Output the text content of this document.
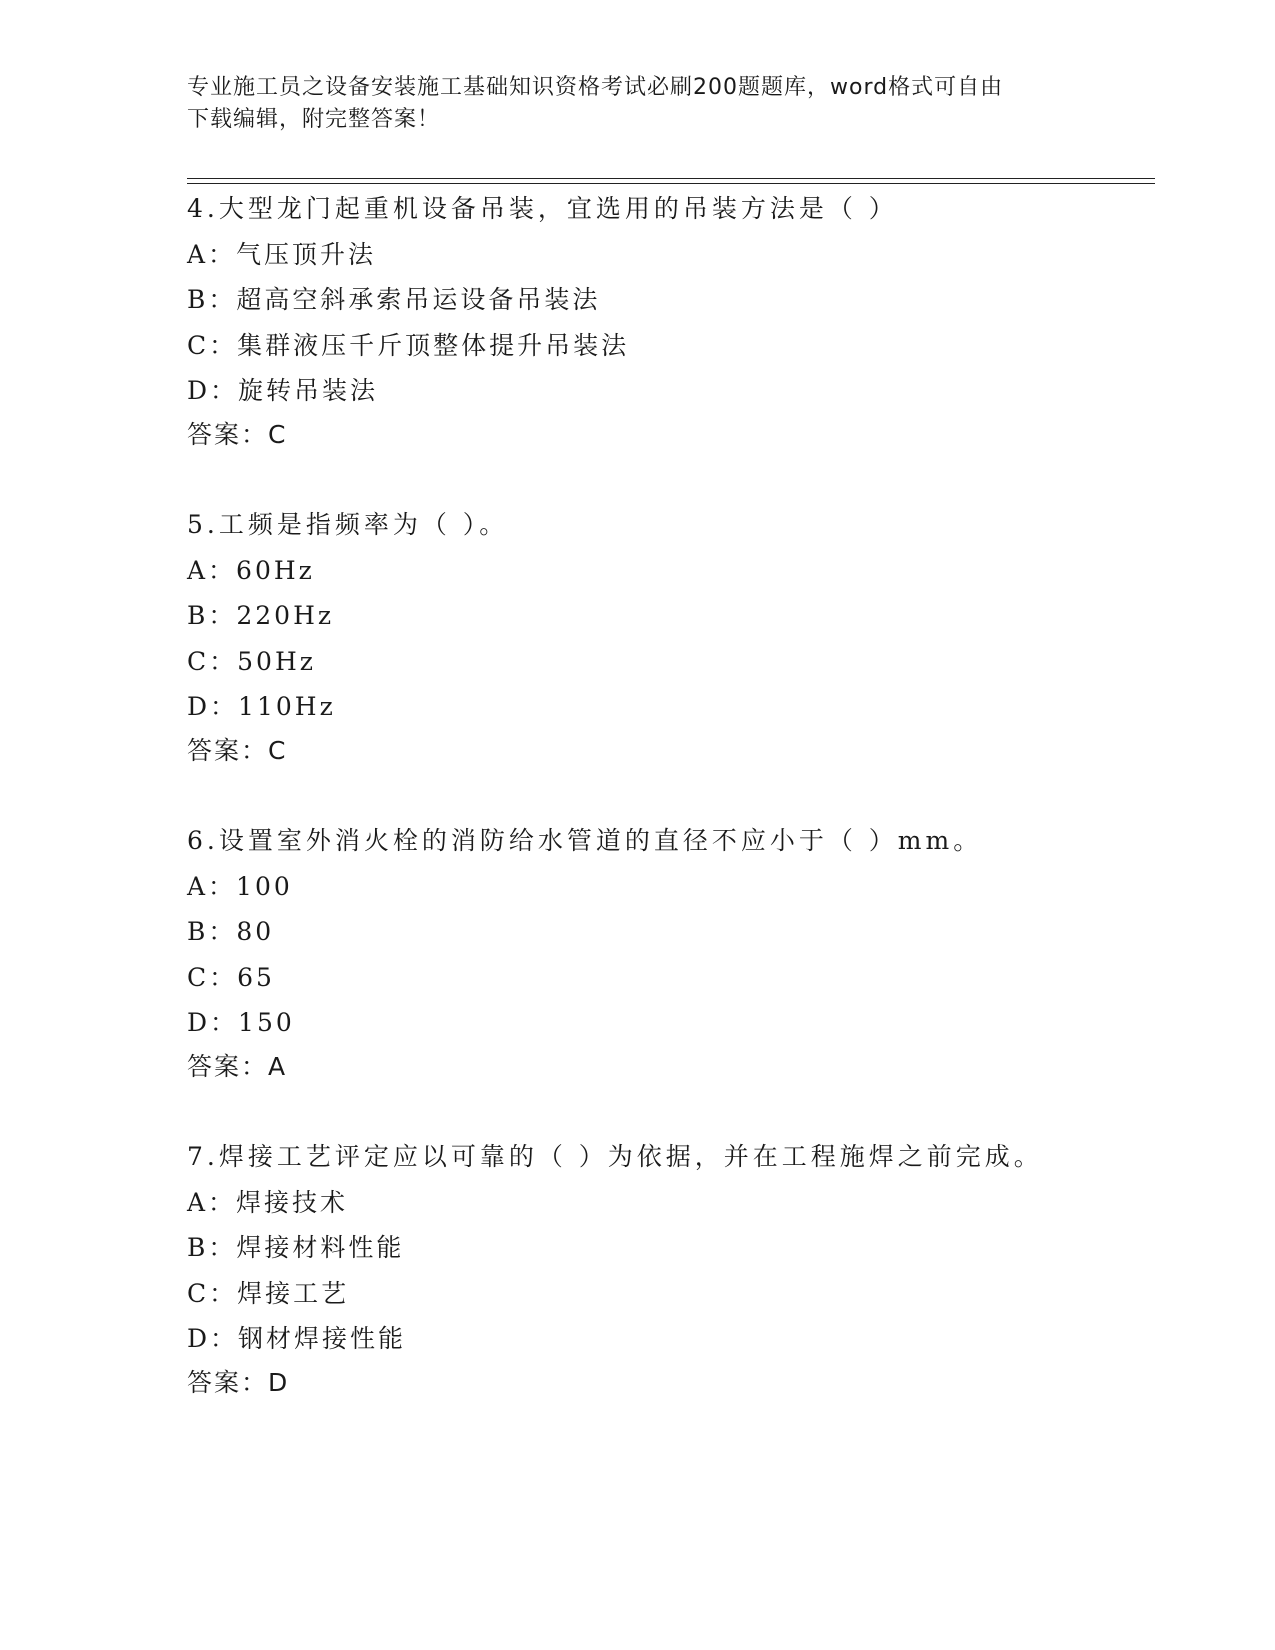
专业施工员之设备安装施工基础知识资格考试必刷200题题库，word格式可自由
下载编辑，附完整答案！
4.大型龙门起重机设备吊装，宜选用的吊装方法是（ ）
A：气压顶升法
B：超高空斜承索吊运设备吊装法
C：集群液压千斤顶整体提升吊装法
D：旋转吊装法
答案：C
5.工频是指频率为（ ）。
A：60Hz
B：220Hz
C：50Hz
D：110Hz
答案：C
6.设置室外消火栓的消防给水管道的直径不应小于（ ）mm。
A：100
B：80
C：65
D：150
答案：A
7.焊接工艺评定应以可靠的（ ）为依据，并在工程施焊之前完成。
A：焊接技术
B：焊接材料性能
C：焊接工艺
D：钢材焊接性能
答案：D
